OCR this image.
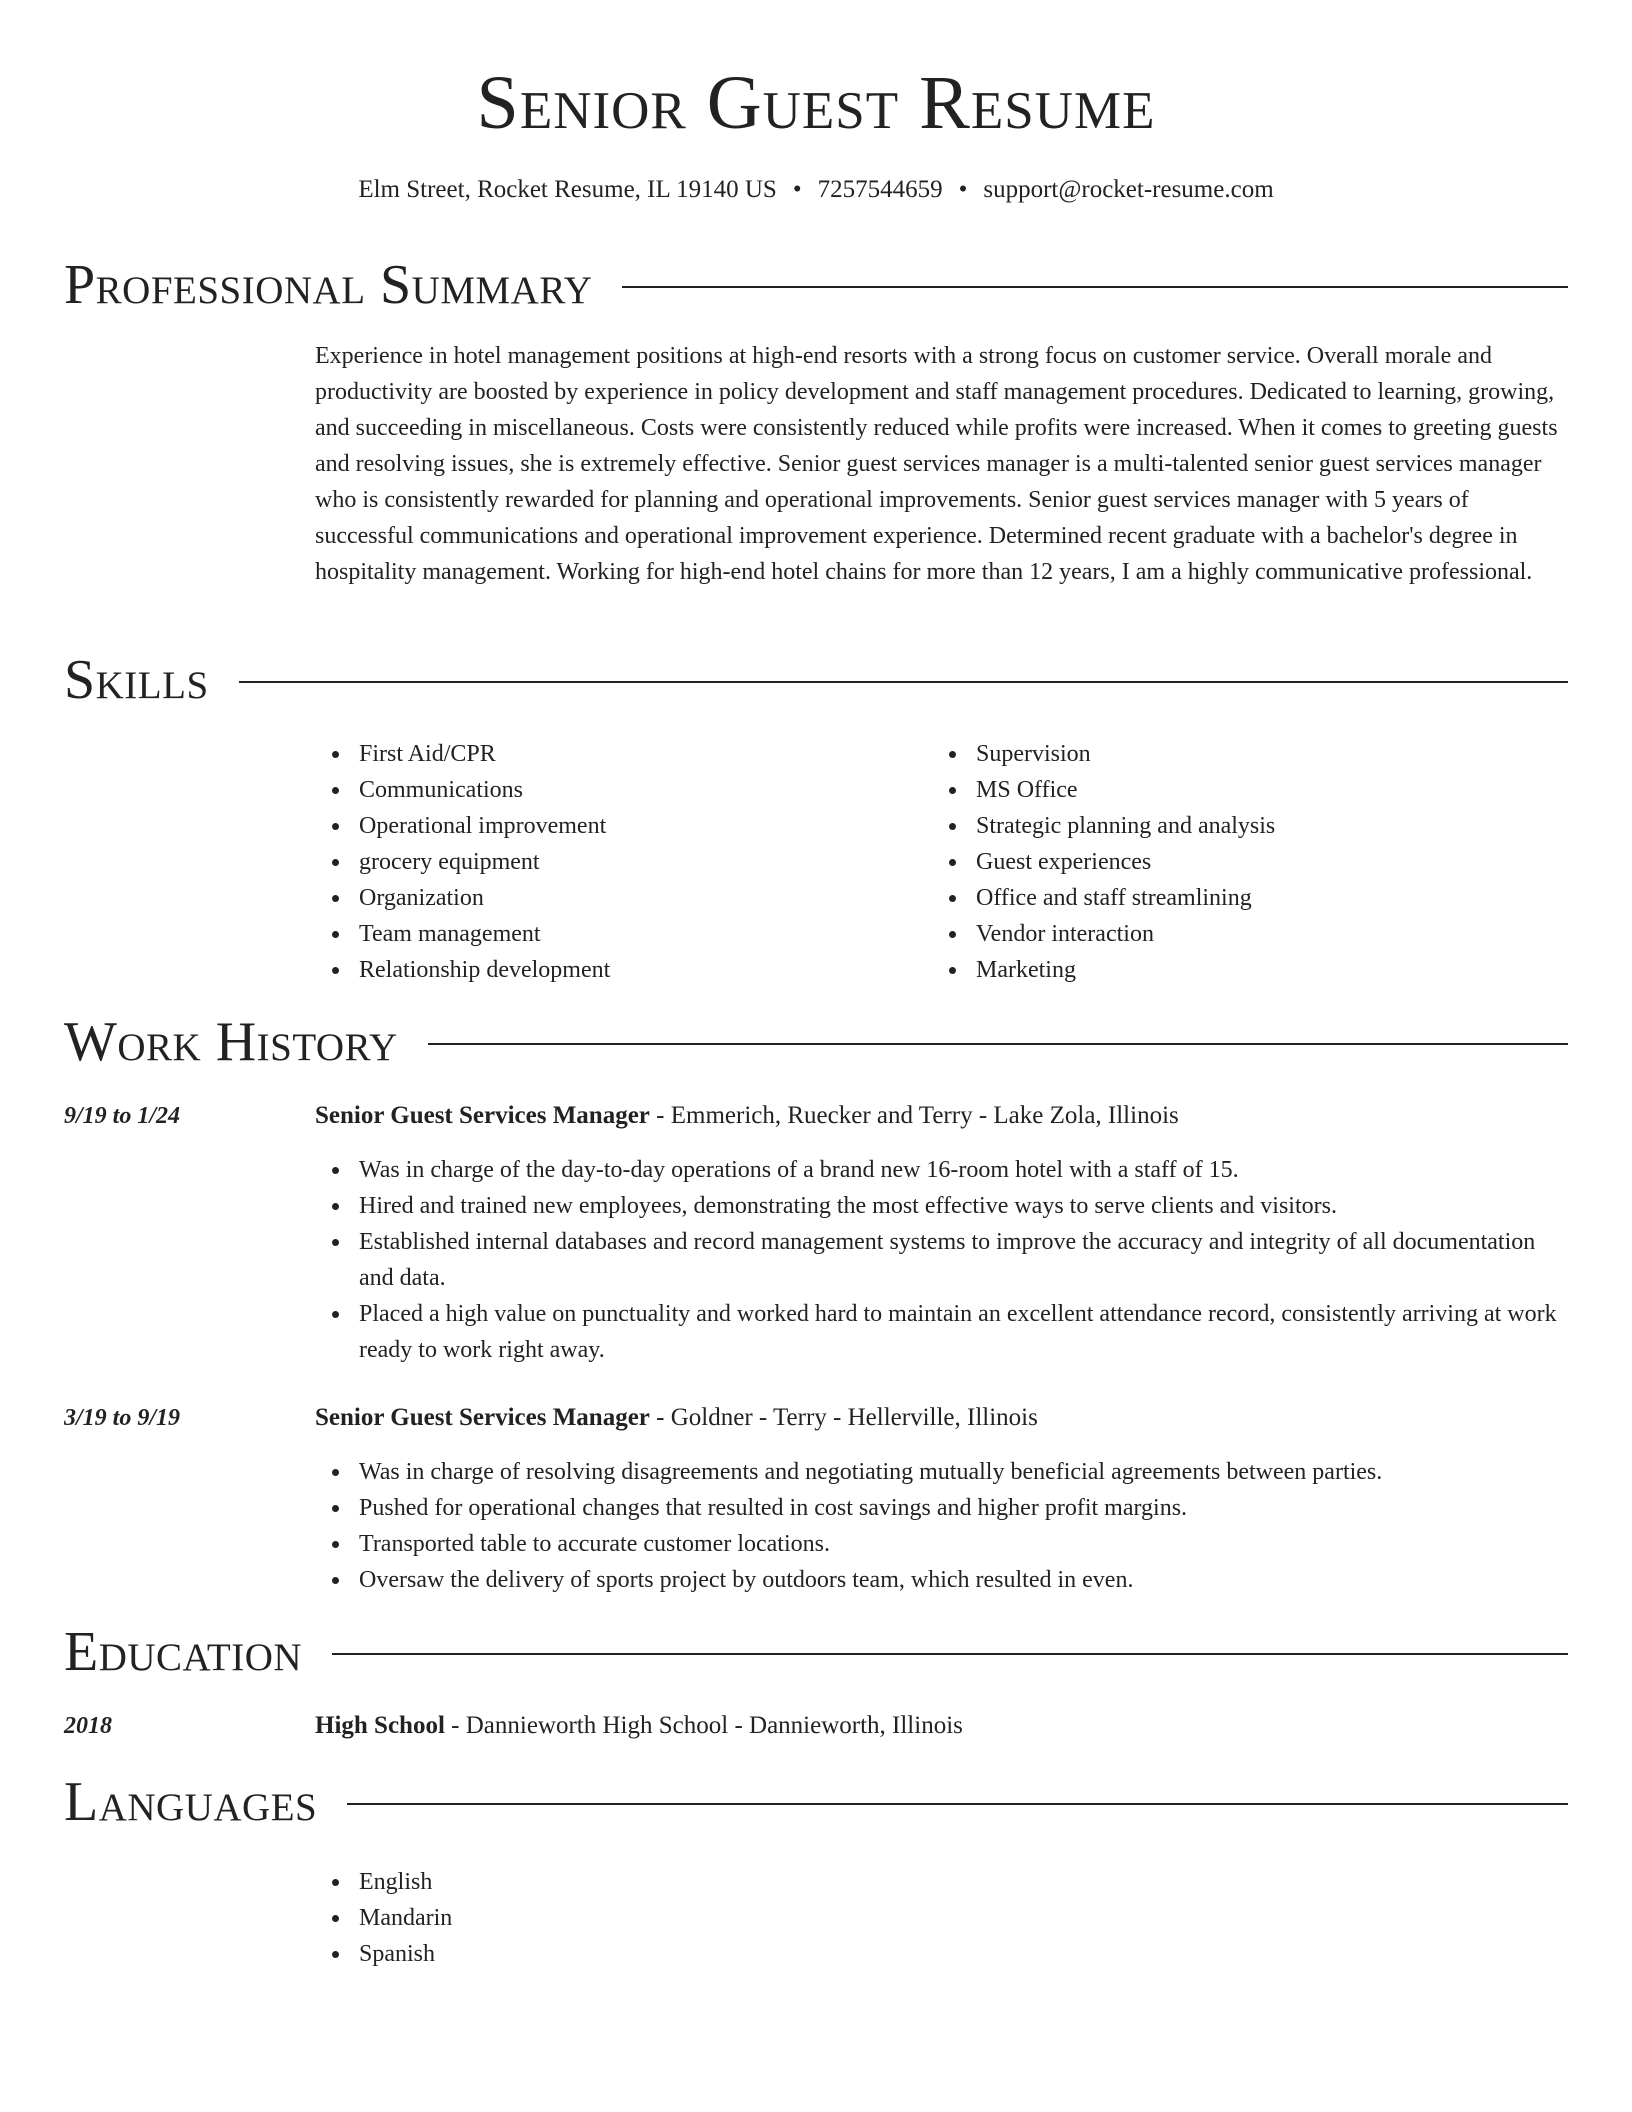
Senior Guest Resume
Elm Street, Rocket Resume, IL 19140 US • 7257544659 • support@rocket-resume.com
Professional Summary

Experience in hotel management positions at high-end resorts with a strong focus on customer service. Overall morale and productivity are boosted by experience in policy development and staff management procedures. Dedicated to learning, growing, and succeeding in miscellaneous. Costs were consistently reduced while profits were increased. When it comes to greeting guests and resolving issues, she is extremely effective. Senior guest services manager is a multi-talented senior guest services manager who is consistently rewarded for planning and operational improvements. Senior guest services manager with 5 years of successful communications and operational improvement experience. Determined recent graduate with a bachelor's degree in hospitality management. Working for high-end hotel chains for more than 12 years, I am a highly communicative professional.

Skills
First Aid/CPR
Communications
Operational improvement
grocery equipment
Organization
Team management
Relationship development
Supervision
MS Office
Strategic planning and analysis
Guest experiences
Office and staff streamlining
Vendor interaction
Marketing
Work History
9/19 to 1/24	Senior Guest Services Manager - Emmerich, Ruecker and Terry - Lake Zola, Illinois
Was in charge of the day-to-day operations of a brand new 16-room hotel with a staff of 15.
Hired and trained new employees, demonstrating the most effective ways to serve clients and visitors.
Established internal databases and record management systems to improve the accuracy and integrity of all documentation and data.
Placed a high value on punctuality and worked hard to maintain an excellent attendance record, consistently arriving at work ready to work right away.
3/19 to 9/19	Senior Guest Services Manager - Goldner - Terry - Hellerville, Illinois
Was in charge of resolving disagreements and negotiating mutually beneficial agreements between parties.
Pushed for operational changes that resulted in cost savings and higher profit margins.
Transported table to accurate customer locations.
Oversaw the delivery of sports project by outdoors team, which resulted in even.
Education
2018	High School - Dannieworth High School - Dannieworth, Illinois
Languages
English
Mandarin
Spanish
